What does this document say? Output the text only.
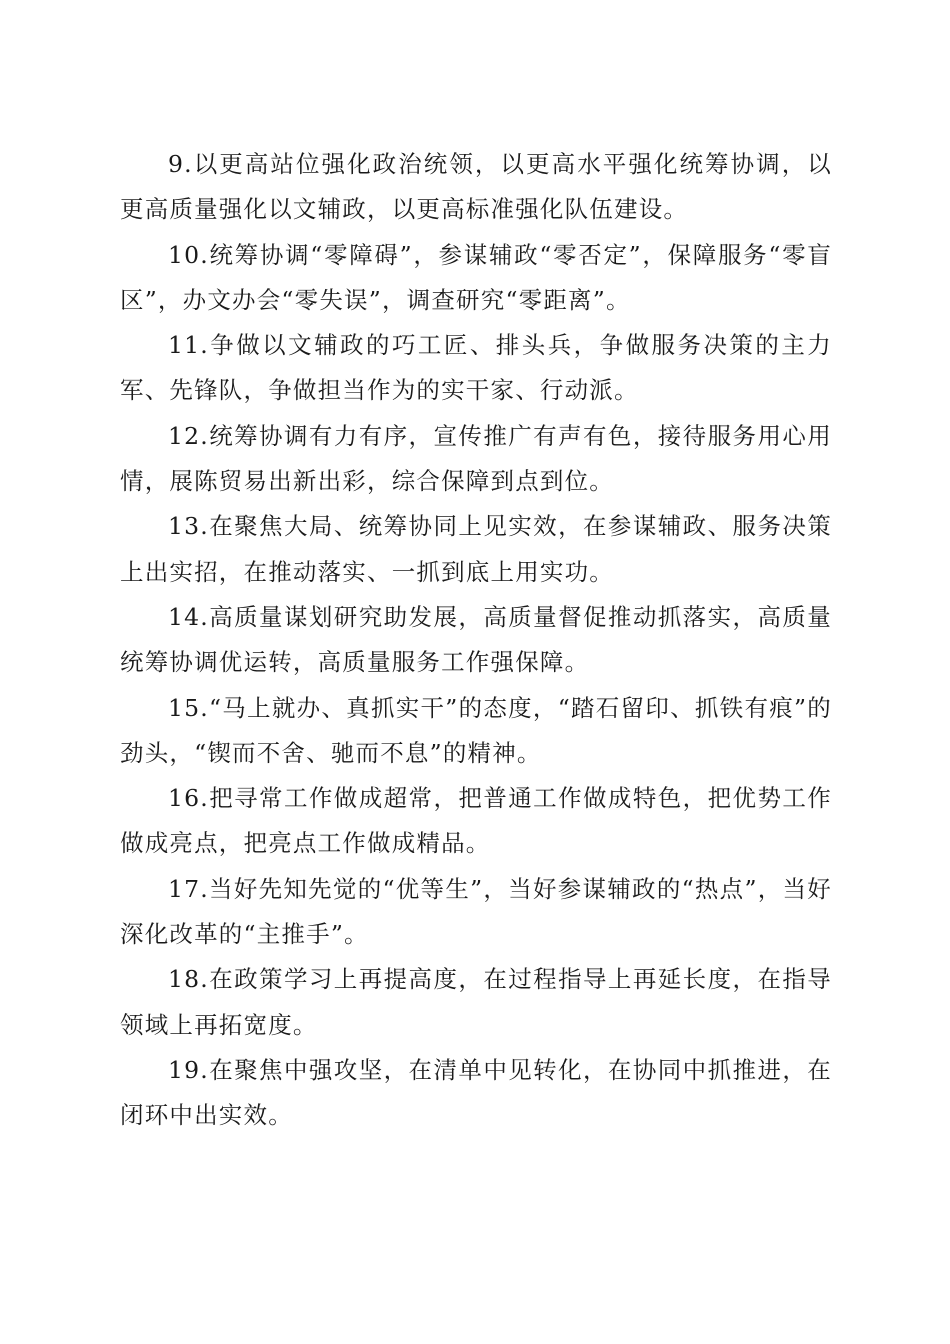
9.以更高站位强化政治统领，以更高水平强化统筹协调，以更高质量强化以文辅政，以更高标准强化队伍建设。

10.统筹协调“零障碍”，参谋辅政“零否定”，保障服务“零盲区”，办文办会“零失误”，调查研究“零距离”。

11.争做以文辅政的巧工匠、排头兵，争做服务决策的主力军、先锋队，争做担当作为的实干家、行动派。

12.统筹协调有力有序，宣传推广有声有色，接待服务用心用情，展陈贸易出新出彩，综合保障到点到位。

13.在聚焦大局、统筹协同上见实效，在参谋辅政、服务决策上出实招，在推动落实、一抓到底上用实功。

14.高质量谋划研究助发展，高质量督促推动抓落实，高质量统筹协调优运转，高质量服务工作强保障。

15.“马上就办、真抓实干”的态度，“踏石留印、抓铁有痕”的劲头，“锲而不舍、驰而不息”的精神。

16.把寻常工作做成超常，把普通工作做成特色，把优势工作做成亮点，把亮点工作做成精品。

17.当好先知先觉的“优等生”，当好参谋辅政的“热点”，当好深化改革的“主推手”。

18.在政策学习上再提高度，在过程指导上再延长度，在指导领域上再拓宽度。

19.在聚焦中强攻坚，在清单中见转化，在协同中抓推进，在闭环中出实效。
